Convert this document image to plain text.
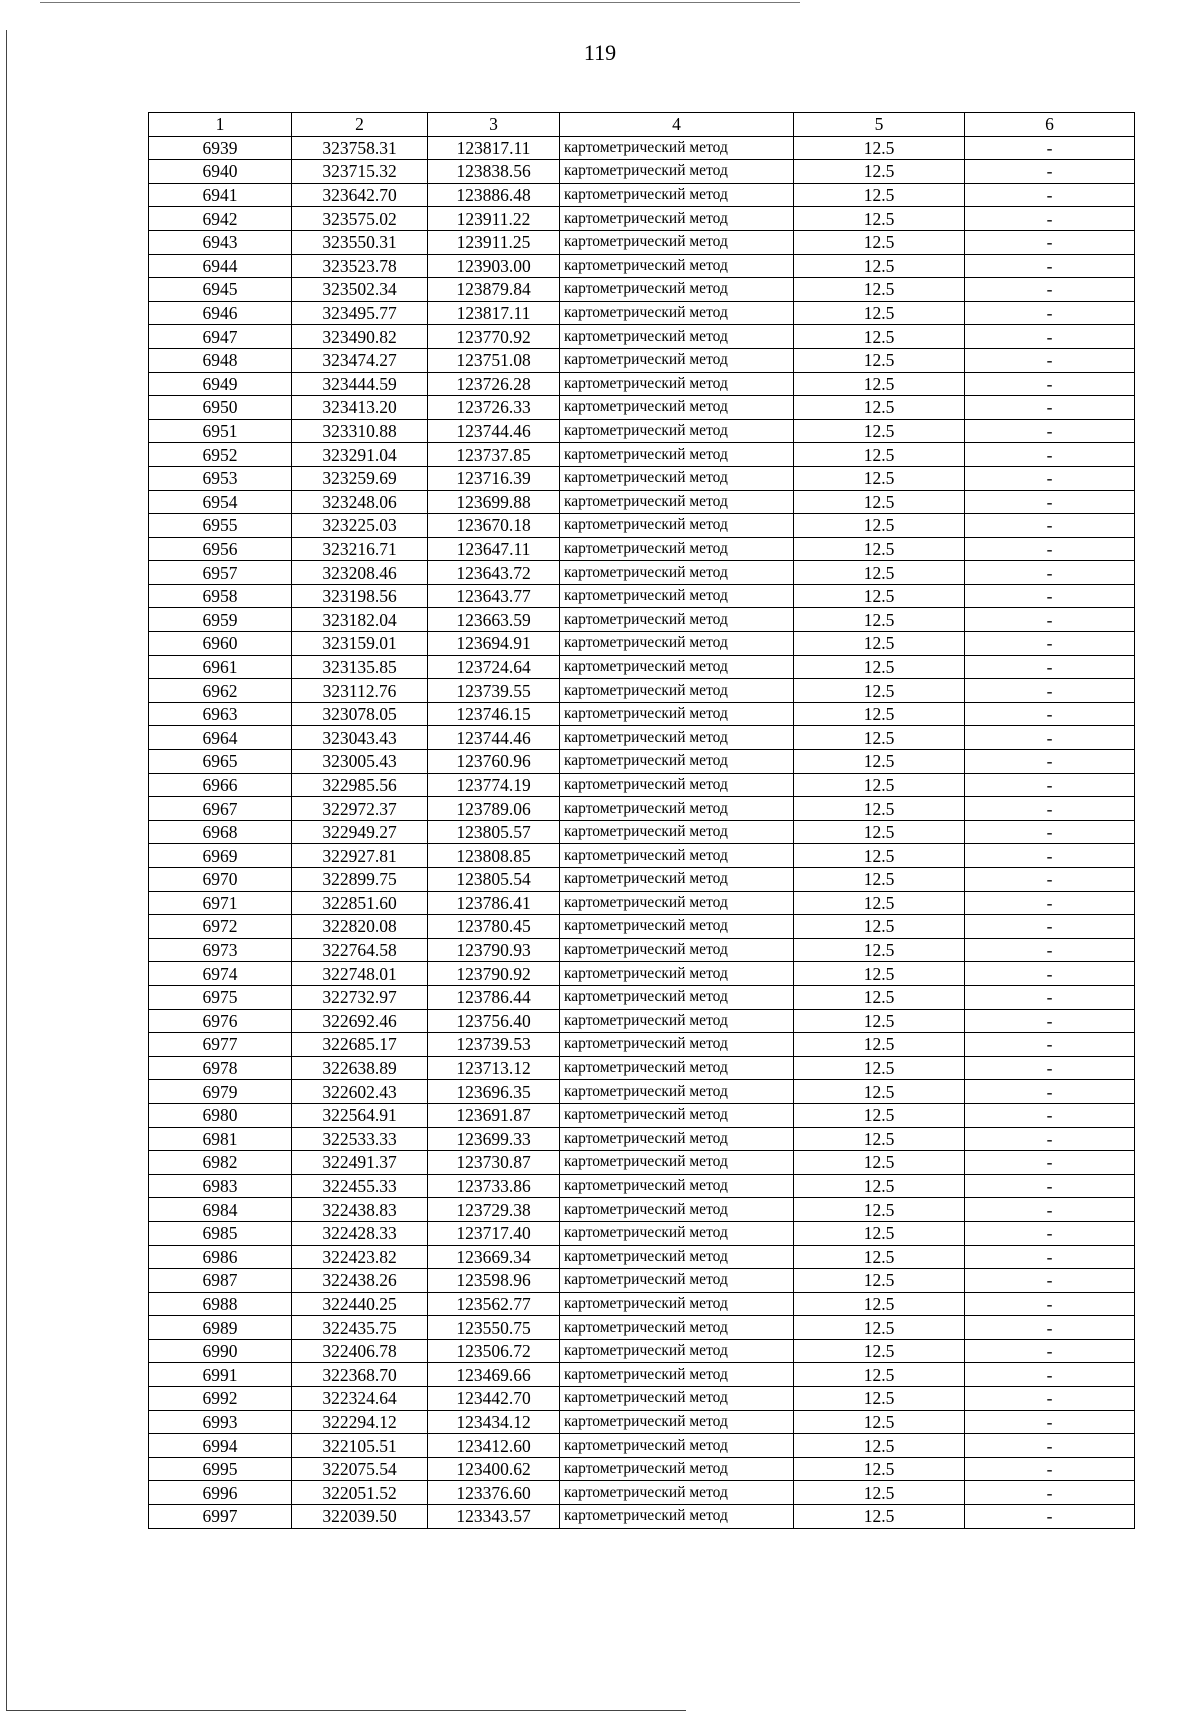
119
1	2	3	4	5	6
6939	323758.31	123817.11	картометрический метод	12.5	-
6940	323715.32	123838.56	картометрический метод	12.5	-
6941	323642.70	123886.48	картометрический метод	12.5	-
6942	323575.02	123911.22	картометрический метод	12.5	-
6943	323550.31	123911.25	картометрический метод	12.5	-
6944	323523.78	123903.00	картометрический метод	12.5	-
6945	323502.34	123879.84	картометрический метод	12.5	-
6946	323495.77	123817.11	картометрический метод	12.5	-
6947	323490.82	123770.92	картометрический метод	12.5	-
6948	323474.27	123751.08	картометрический метод	12.5	-
6949	323444.59	123726.28	картометрический метод	12.5	-
6950	323413.20	123726.33	картометрический метод	12.5	-
6951	323310.88	123744.46	картометрический метод	12.5	-
6952	323291.04	123737.85	картометрический метод	12.5	-
6953	323259.69	123716.39	картометрический метод	12.5	-
6954	323248.06	123699.88	картометрический метод	12.5	-
6955	323225.03	123670.18	картометрический метод	12.5	-
6956	323216.71	123647.11	картометрический метод	12.5	-
6957	323208.46	123643.72	картометрический метод	12.5	-
6958	323198.56	123643.77	картометрический метод	12.5	-
6959	323182.04	123663.59	картометрический метод	12.5	-
6960	323159.01	123694.91	картометрический метод	12.5	-
6961	323135.85	123724.64	картометрический метод	12.5	-
6962	323112.76	123739.55	картометрический метод	12.5	-
6963	323078.05	123746.15	картометрический метод	12.5	-
6964	323043.43	123744.46	картометрический метод	12.5	-
6965	323005.43	123760.96	картометрический метод	12.5	-
6966	322985.56	123774.19	картометрический метод	12.5	-
6967	322972.37	123789.06	картометрический метод	12.5	-
6968	322949.27	123805.57	картометрический метод	12.5	-
6969	322927.81	123808.85	картометрический метод	12.5	-
6970	322899.75	123805.54	картометрический метод	12.5	-
6971	322851.60	123786.41	картометрический метод	12.5	-
6972	322820.08	123780.45	картометрический метод	12.5	-
6973	322764.58	123790.93	картометрический метод	12.5	-
6974	322748.01	123790.92	картометрический метод	12.5	-
6975	322732.97	123786.44	картометрический метод	12.5	-
6976	322692.46	123756.40	картометрический метод	12.5	-
6977	322685.17	123739.53	картометрический метод	12.5	-
6978	322638.89	123713.12	картометрический метод	12.5	-
6979	322602.43	123696.35	картометрический метод	12.5	-
6980	322564.91	123691.87	картометрический метод	12.5	-
6981	322533.33	123699.33	картометрический метод	12.5	-
6982	322491.37	123730.87	картометрический метод	12.5	-
6983	322455.33	123733.86	картометрический метод	12.5	-
6984	322438.83	123729.38	картометрический метод	12.5	-
6985	322428.33	123717.40	картометрический метод	12.5	-
6986	322423.82	123669.34	картометрический метод	12.5	-
6987	322438.26	123598.96	картометрический метод	12.5	-
6988	322440.25	123562.77	картометрический метод	12.5	-
6989	322435.75	123550.75	картометрический метод	12.5	-
6990	322406.78	123506.72	картометрический метод	12.5	-
6991	322368.70	123469.66	картометрический метод	12.5	-
6992	322324.64	123442.70	картометрический метод	12.5	-
6993	322294.12	123434.12	картометрический метод	12.5	-
6994	322105.51	123412.60	картометрический метод	12.5	-
6995	322075.54	123400.62	картометрический метод	12.5	-
6996	322051.52	123376.60	картометрический метод	12.5	-
6997	322039.50	123343.57	картометрический метод	12.5	-
